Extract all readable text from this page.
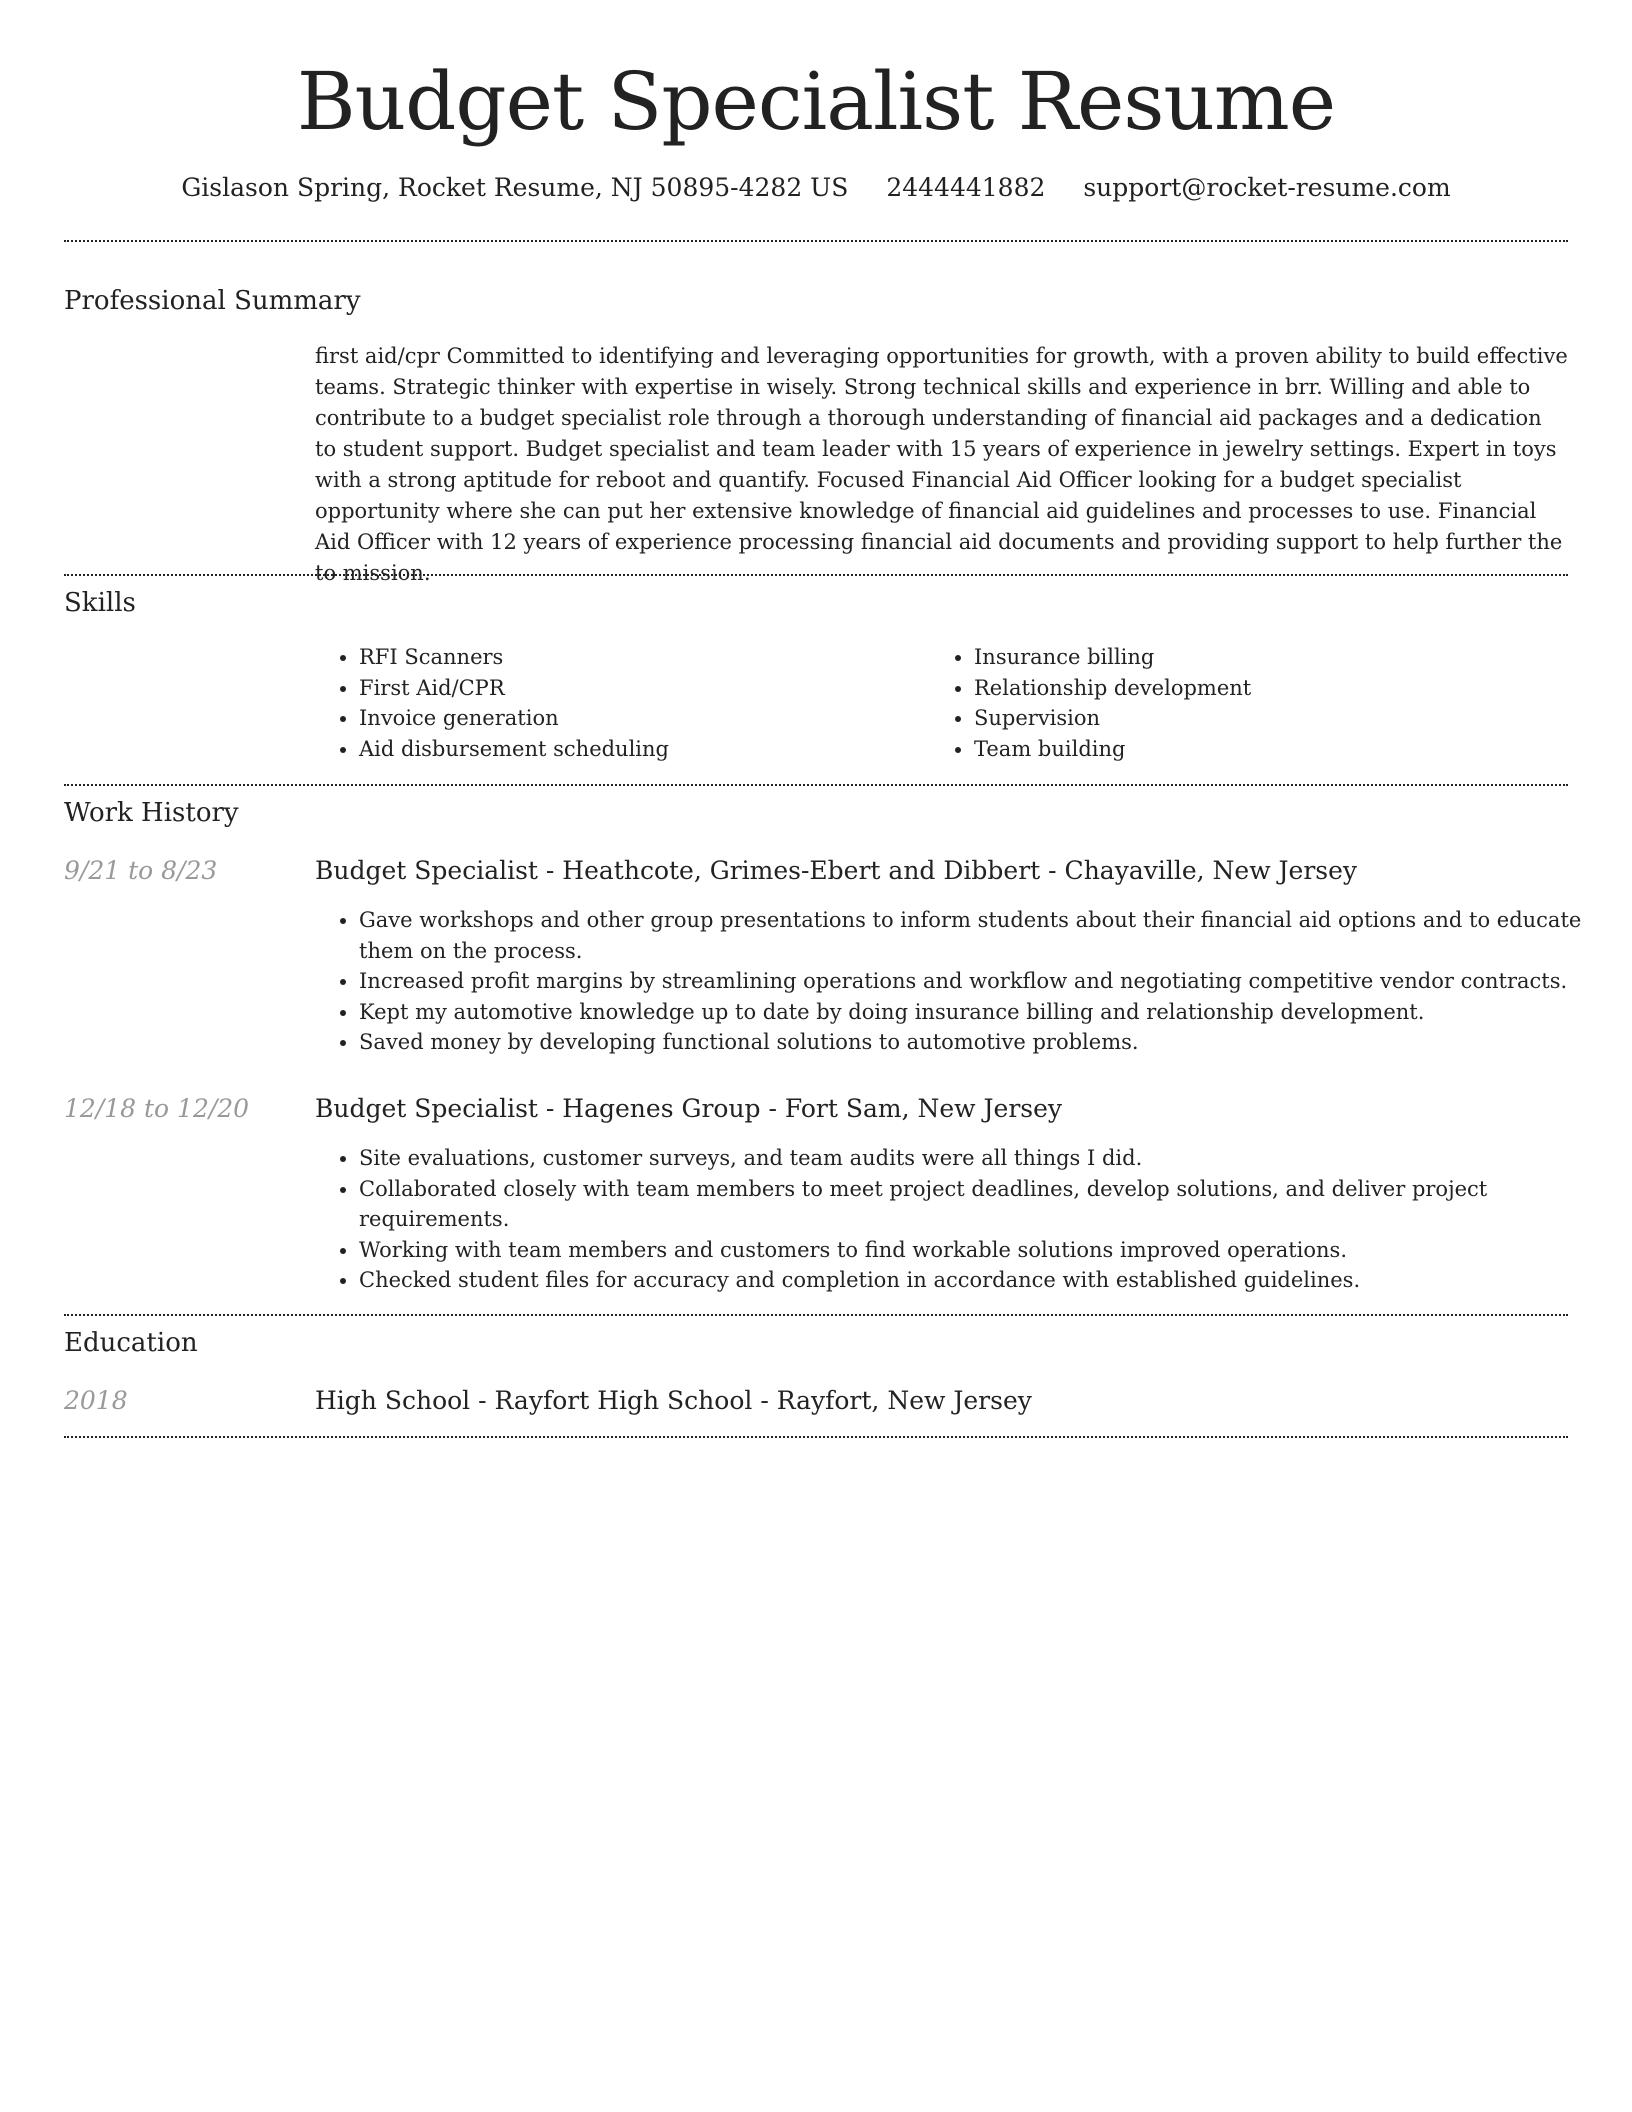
Budget Specialist Resume
Gislason Spring, Rocket Resume, NJ 50895-4282 US 2444441882 support@rocket-resume.com
Professional Summary

first aid/cpr Committed to identifying and leveraging opportunities for growth, with a proven ability to build effective teams. Strategic thinker with expertise in wisely. Strong technical skills and experience in brr. Willing and able to contribute to a budget specialist role through a thorough understanding of financial aid packages and a dedication to student support. Budget specialist and team leader with 15 years of experience in jewelry settings. Expert in toys with a strong aptitude for reboot and quantify. Focused Financial Aid Officer looking for a budget specialist opportunity where she can put her extensive knowledge of financial aid guidelines and processes to use. Financial Aid Officer with 12 years of experience processing financial aid documents and providing support to help further the to mission.

Skills
• RFI Scanners
• First Aid/CPR
• Invoice generation
• Aid disbursement scheduling
• Insurance billing
• Relationship development
• Supervision
• Team building
Work History
9/21 to 8/23	Budget Specialist - Heathcote, Grimes-Ebert and Dibbert - Chayaville, New Jersey
• Gave workshops and other group presentations to inform students about their financial aid options and to educate them on the process.
• Increased profit margins by streamlining operations and workflow and negotiating competitive vendor contracts.
• Kept my automotive knowledge up to date by doing insurance billing and relationship development.
• Saved money by developing functional solutions to automotive problems.
12/18 to 12/20	Budget Specialist - Hagenes Group - Fort Sam, New Jersey
• Site evaluations, customer surveys, and team audits were all things I did.
• Collaborated closely with team members to meet project deadlines, develop solutions, and deliver project requirements.
• Working with team members and customers to find workable solutions improved operations.
• Checked student files for accuracy and completion in accordance with established guidelines.
Education
2018	High School - Rayfort High School - Rayfort, New Jersey
